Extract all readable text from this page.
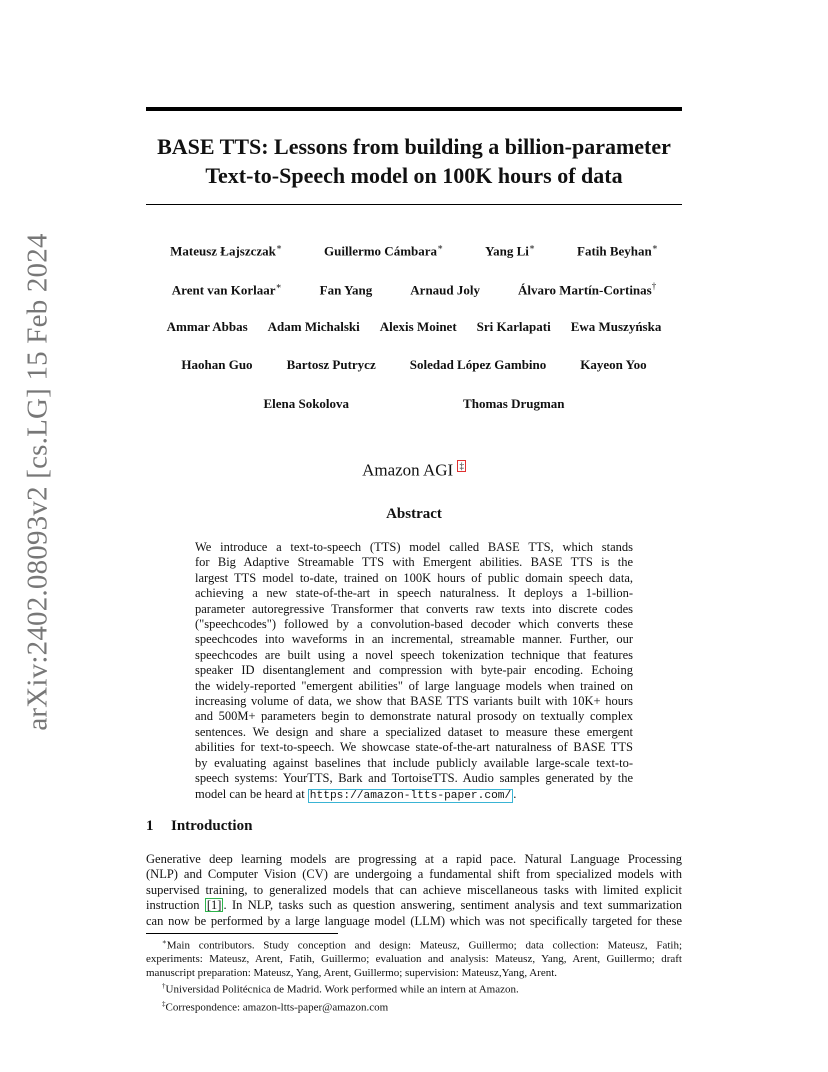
arXiv:2402.08093v2 [cs.LG] 15 Feb 2024
BASE TTS: Lessons from building a billion-parameter
Text-to-Speech model on 100K hours of data
Mateusz Łajszczak∗	Guillermo Cámbara∗	Yang Li∗	Fatih Beyhan∗
Arent van Korlaar∗	Fan Yang	Arnaud Joly	Álvaro Martín-Cortinas†
Ammar Abbas Adam Michalski Alexis Moinet Sri Karlapati Ewa Muszyńska
Haohan Guo	Bartosz Putrycz	Soledad López Gambino	Kayeon Yoo
Elena Sokolova	Thomas Drugman
Amazon AGI ‡
Abstract
We introduce a text-to-speech (TTS) model called BASE TTS, which stands
for Big Adaptive Streamable TTS with Emergent abilities. BASE TTS is the
largest TTS model to-date, trained on 100K hours of public domain speech data,
achieving a new state-of-the-art in speech naturalness. It deploys a 1-billion-
parameter autoregressive Transformer that converts raw texts into discrete codes
("speechcodes") followed by a convolution-based decoder which converts these
speechcodes into waveforms in an incremental, streamable manner. Further, our
speechcodes are built using a novel speech tokenization technique that features
speaker ID disentanglement and compression with byte-pair encoding. Echoing
the widely-reported "emergent abilities" of large language models when trained on
increasing volume of data, we show that BASE TTS variants built with 10K+ hours
and 500M+ parameters begin to demonstrate natural prosody on textually complex
sentences. We design and share a specialized dataset to measure these emergent
abilities for text-to-speech. We showcase state-of-the-art naturalness of BASE TTS
by evaluating against baselines that include publicly available large-scale text-to-
speech systems: YourTTS, Bark and TortoiseTTS. Audio samples generated by the
model can be heard at https://amazon-ltts-paper.com/ .
1 Introduction
Generative deep learning models are progressing at a rapid pace. Natural Language Processing
(NLP) and Computer Vision (CV) are undergoing a fundamental shift from specialized models with
supervised training, to generalized models that can achieve miscellaneous tasks with limited explicit
instruction [1] . In NLP, tasks such as question answering, sentiment analysis and text summarization
can now be performed by a large language model (LLM) which was not specifically targeted for these
∗Main contributors. Study conception and design: Mateusz, Guillermo; data collection: Mateusz, Fatih;
experiments: Mateusz, Arent, Fatih, Guillermo; evaluation and analysis: Mateusz, Yang, Arent, Guillermo; draft
manuscript preparation: Mateusz, Yang, Arent, Guillermo; supervision: Mateusz,Yang, Arent.
†Universidad Politécnica de Madrid. Work performed while an intern at Amazon.
‡Correspondence: amazon-ltts-paper@amazon.com
